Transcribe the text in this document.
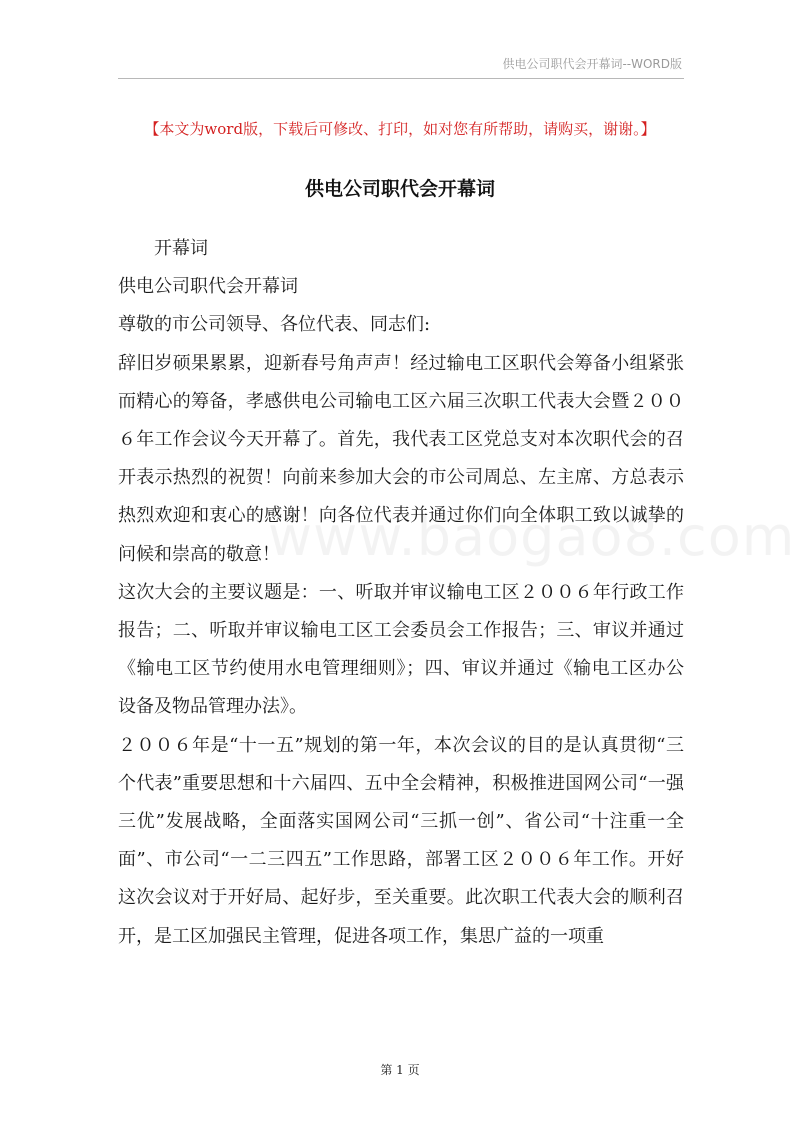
供电公司职代会开幕词--WORD版
【本文为word版，下载后可修改、打印，如对您有所帮助，请购买，谢谢。】
供电公司职代会开幕词

开幕词

供电公司职代会开幕词

尊敬的市公司领导、各位代表、同志们:

辞旧岁硕果累累，迎新春号角声声！经过输电工区职代会筹备小组紧张而精心的筹备，孝感供电公司输电工区六届三次职工代表大会暨２００６年工作会议今天开幕了。首先，我代表工区党总支对本次职代会的召开表示热烈的祝贺！向前来参加大会的市公司周总、左主席、方总表示热烈欢迎和衷心的感谢！向各位代表并通过你们向全体职工致以诚挚的问候和崇高的敬意！

这次大会的主要议题是：一、听取并审议输电工区２００６年行政工作报告；二、听取并审议输电工区工会委员会工作报告；三、审议并通过《输电工区节约使用水电管理细则》；四、审议并通过《输电工区办公设备及物品管理办法》。

２００６年是“十一五”规划的第一年，本次会议的目的是认真贯彻“三个代表”重要思想和十六届四、五中全会精神，积极推进国网公司“一强三优”发展战略，全面落实国网公司“三抓一创”、省公司“十注重一全面”、市公司“一二三四五”工作思路，部署工区２００６年工作。开好这次会议对于开好局、起好步，至关重要。此次职工代表大会的顺利召开，是工区加强民主管理，促进各项工作，集思广益的一项重

第 1 页
